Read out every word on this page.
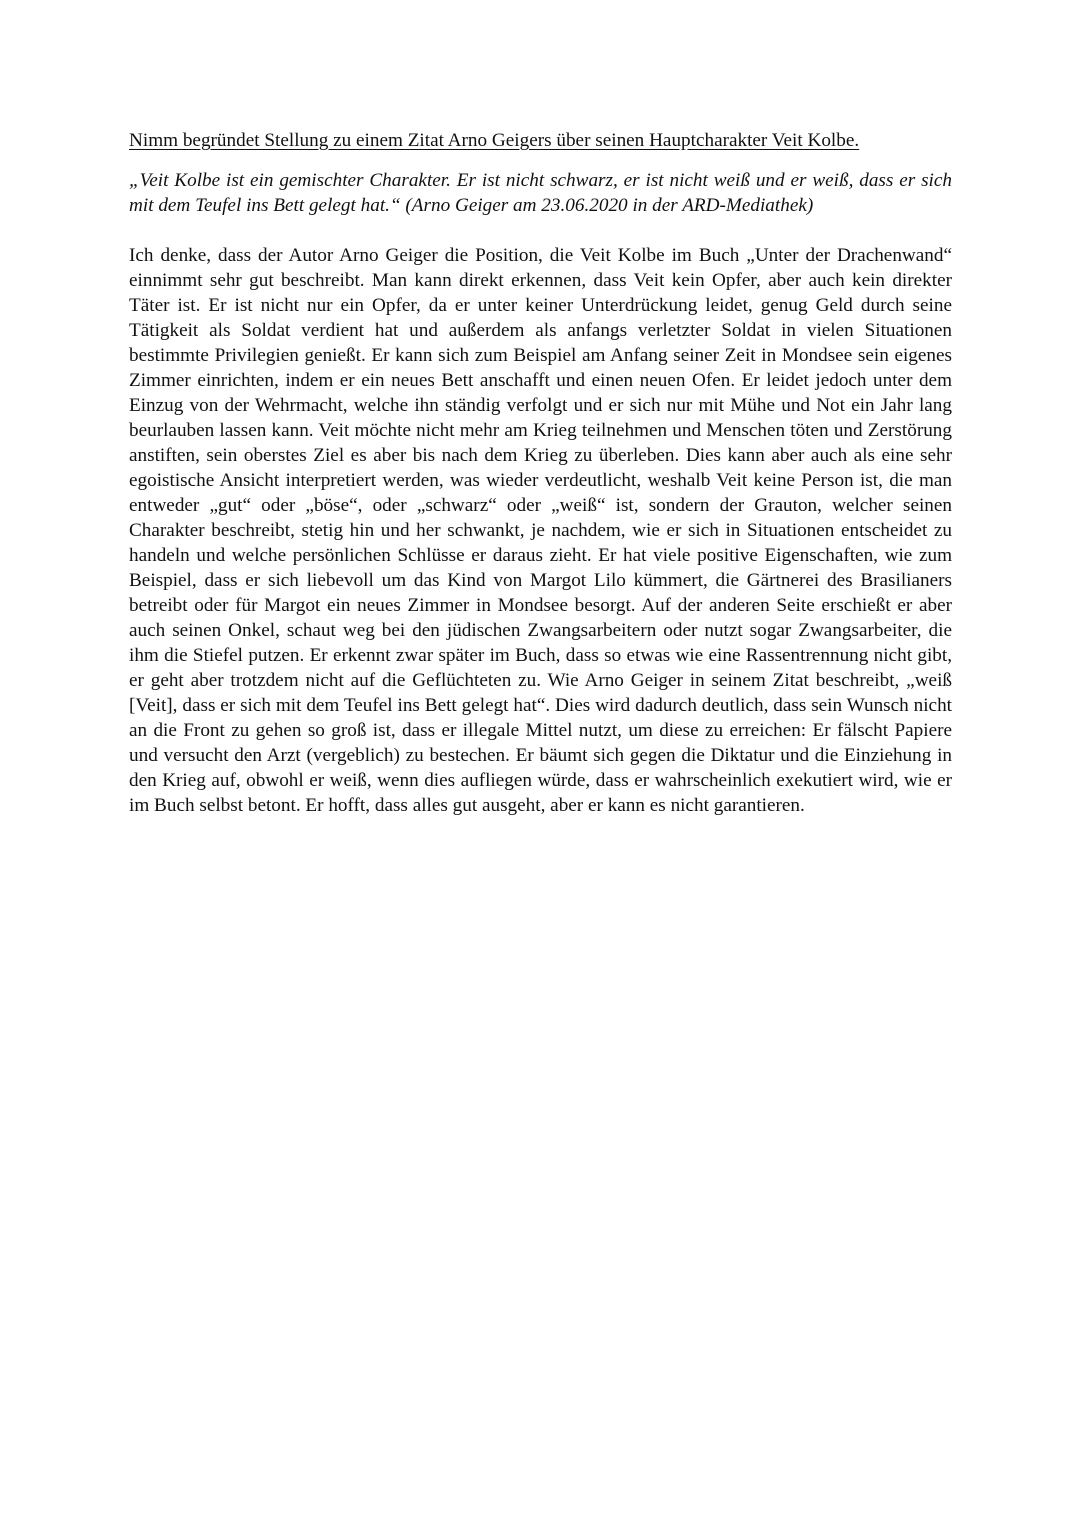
Nimm begründet Stellung zu einem Zitat Arno Geigers über seinen Hauptcharakter Veit Kolbe.

„Veit Kolbe ist ein gemischter Charakter. Er ist nicht schwarz, er ist nicht weiß und er weiß, dass er sich mit dem Teufel ins Bett gelegt hat.“ (Arno Geiger am 23.06.2020 in der ARD-Mediathek)

Ich denke, dass der Autor Arno Geiger die Position, die Veit Kolbe im Buch „Unter der Drachenwand“ einnimmt sehr gut beschreibt. Man kann direkt erkennen, dass Veit kein Opfer, aber auch kein direkter Täter ist. Er ist nicht nur ein Opfer, da er unter keiner Unterdrückung leidet, genug Geld durch seine Tätigkeit als Soldat verdient hat und außerdem als anfangs verletzter Soldat in vielen Situationen bestimmte Privilegien genießt. Er kann sich zum Beispiel am Anfang seiner Zeit in Mondsee sein eigenes Zimmer einrichten, indem er ein neues Bett anschafft und einen neuen Ofen. Er leidet jedoch unter dem Einzug von der Wehrmacht, welche ihn ständig verfolgt und er sich nur mit Mühe und Not ein Jahr lang beurlauben lassen kann. Veit möchte nicht mehr am Krieg teilnehmen und Menschen töten und Zerstörung anstiften, sein oberstes Ziel es aber bis nach dem Krieg zu überleben. Dies kann aber auch als eine sehr egoistische Ansicht interpretiert werden, was wieder verdeutlicht, weshalb Veit keine Person ist, die man entweder „gut“ oder „böse“, oder „schwarz“ oder „weiß“ ist, sondern der Grauton, welcher seinen Charakter beschreibt, stetig hin und her schwankt, je nachdem, wie er sich in Situationen entscheidet zu handeln und welche persönlichen Schlüsse er daraus zieht. Er hat viele positive Eigenschaften, wie zum Beispiel, dass er sich liebevoll um das Kind von Margot Lilo kümmert, die Gärtnerei des Brasilianers betreibt oder für Margot ein neues Zimmer in Mondsee besorgt. Auf der anderen Seite erschießt er aber auch seinen Onkel, schaut weg bei den jüdischen Zwangsarbeitern oder nutzt sogar Zwangsarbeiter, die ihm die Stiefel putzen. Er erkennt zwar später im Buch, dass so etwas wie eine Rassentrennung nicht gibt, er geht aber trotzdem nicht auf die Geflüchteten zu. Wie Arno Geiger in seinem Zitat beschreibt, „weiß [Veit], dass er sich mit dem Teufel ins Bett gelegt hat“. Dies wird dadurch deutlich, dass sein Wunsch nicht an die Front zu gehen so groß ist, dass er illegale Mittel nutzt, um diese zu erreichen: Er fälscht Papiere und versucht den Arzt (vergeblich) zu bestechen. Er bäumt sich gegen die Diktatur und die Einziehung in den Krieg auf, obwohl er weiß, wenn dies aufliegen würde, dass er wahrscheinlich exekutiert wird, wie er im Buch selbst betont. Er hofft, dass alles gut ausgeht, aber er kann es nicht garantieren.
